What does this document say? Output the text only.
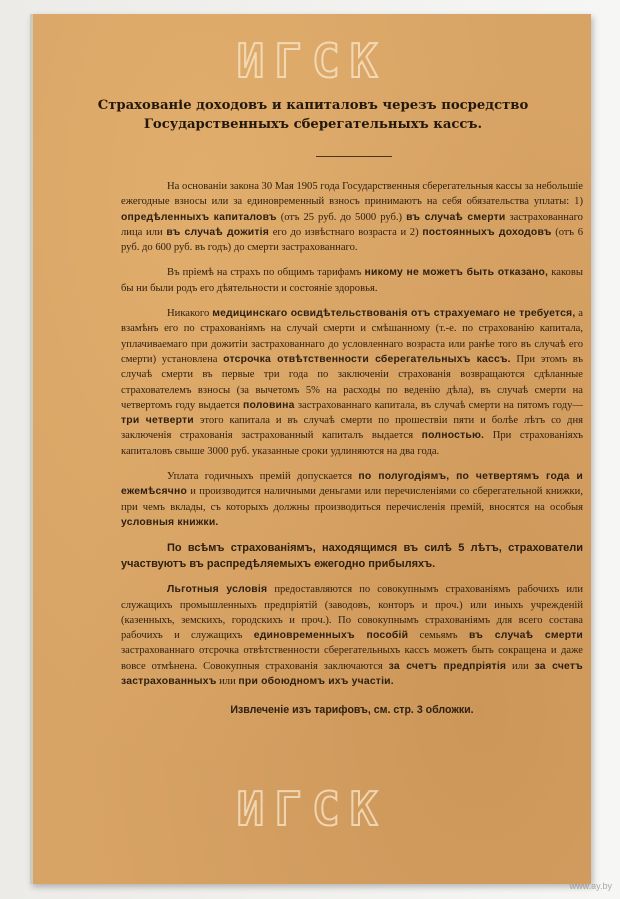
ИГСК
Страхованіе доходовъ и капиталовъ черезъ посредство
Государственныхъ сберегательныхъ кассъ.

На основаніи закона 30 Мая 1905 года Государственныя сберегательныя кассы за небольшіе ежегодные взносы или за единовременный взносъ принимаютъ на себя обязательства уплаты: 1) опредѣленныхъ капиталовъ (отъ 25 руб. до 5000 руб.) въ случаѣ смерти застрахованнаго лица или въ случаѣ дожитія его до извѣстнаго возраста и 2) постоянныхъ доходовъ (отъ 6 руб. до 600 руб. въ годъ) до смерти застрахованнаго.

Въ пріемѣ на страхъ по общимъ тарифамъ никому не можетъ быть отказано, каковы бы ни были родъ его дѣятельности и состояніе здоровья.

Никакого медицинскаго освидѣтельствованія отъ страхуемаго не требуется, а взамѣнъ его по страхованіямъ на случай смерти и смѣшанному (т.-е. по страхованію капитала, уплачиваемаго при дожитіи застрахованнаго до условленнаго возраста или ранѣе того въ случаѣ его смерти) установлена отсрочка отвѣтственности сберегательныхъ кассъ. При этомъ въ случаѣ смерти въ первые три года по заключеніи страхованія возвращаются сдѣланные страхователемъ взносы (за вычетомъ 5% на расходы по веденію дѣла), въ случаѣ смерти на четвертомъ году выдается половина застрахованнаго капитала, въ случаѣ смерти на пятомъ году—три четверти этого капитала и въ случаѣ смерти по прошествіи пяти и болѣе лѣтъ со дня заключенія страхованія застрахованный капиталъ выдается полностью. При страхованіяхъ капиталовъ свыше 3000 руб. указанные сроки удлиняются на два года.

Уплата годичныхъ премій допускается по полугодіямъ, по четвертямъ года и ежемѣсячно и производится наличными деньгами или перечисленіями со сберегательной книжки, при чемъ вклады, съ которыхъ должны производиться перечисленія премій, вносятся на особыя условныя книжки.

По всѣмъ страхованіямъ, находящимся въ силѣ 5 лѣтъ, страхователи участвуютъ въ распредѣляемыхъ ежегодно прибыляхъ.

Льготныя условія предоставляются по совокупнымъ страхованіямъ рабочихъ или служащихъ промышленныхъ предпріятій (заводовъ, конторъ и проч.) или иныхъ учрежденій (казенныхъ, земскихъ, городскихъ и проч.). По совокупнымъ страхованіямъ для всего состава рабочихъ и служащихъ единовременныхъ пособій семьямъ въ случаѣ смерти застрахованнаго отсрочка отвѣтственности сберегательныхъ кассъ можетъ быть сокращена и даже вовсе отмѣнена. Совокупныя страхованія заключаются за счетъ предпріятія или за счетъ застрахованныхъ или при обоюдномъ ихъ участіи.

Извлеченіе изъ тарифовъ, см. стр. 3 обложки.

ИГСК
www.ay.by
